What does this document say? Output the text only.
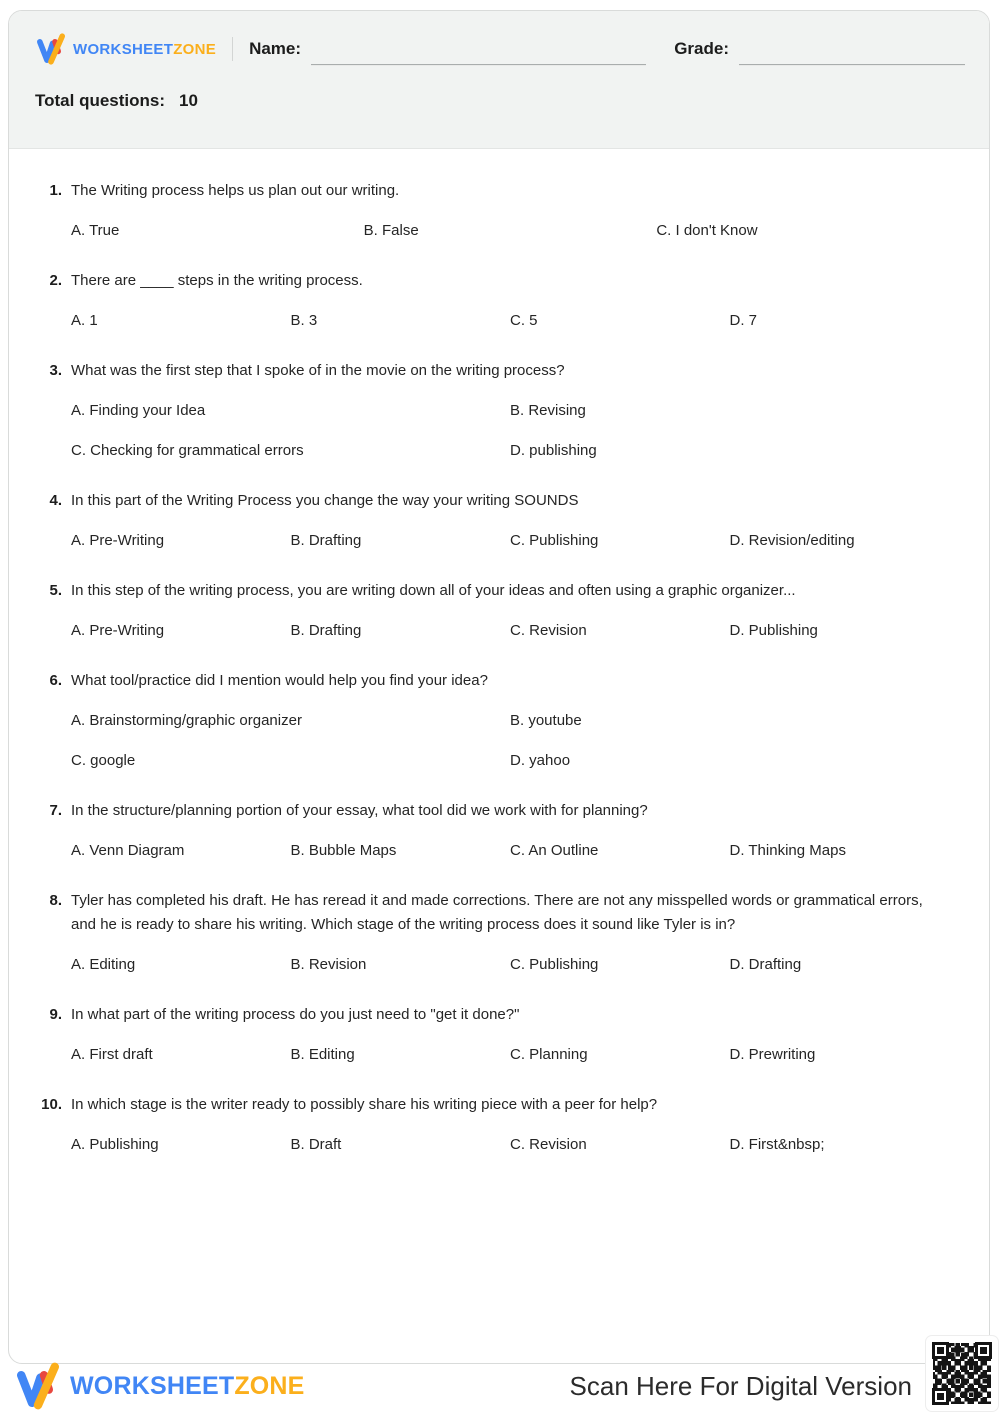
WORKSHEETZONE Name:	Grade:
Total questions: 10
1. The Writing process helps us plan out our writing.
A. True	B. False	C. I don't Know
2. There are ____ steps in the writing process.
A. 1	B. 3	C. 5	D. 7
3. What was the first step that I spoke of in the movie on the writing process?
A. Finding your Idea	B. Revising
C. Checking for grammatical errors	D. publishing
4. In this part of the Writing Process you change the way your writing SOUNDS
A. Pre-Writing	B. Drafting	C. Publishing	D. Revision/editing
5. In this step of the writing process, you are writing down all of your ideas and often using a graphic organizer...
A. Pre-Writing	B. Drafting	C. Revision	D. Publishing
6. What tool/practice did I mention would help you find your idea?
A. Brainstorming/graphic organizer	B. youtube
C. google	D. yahoo
7. In the structure/planning portion of your essay, what tool did we work with for planning?
A. Venn Diagram	B. Bubble Maps	C. An Outline	D. Thinking Maps
8. Tyler has completed his draft. He has reread it and made corrections. There are not any misspelled words or grammatical errors, and he is ready to share his writing. Which stage of the writing process does it sound like Tyler is in?
A. Editing	B. Revision	C. Publishing	D. Drafting
9. In what part of the writing process do you just need to "get it done?"
A. First draft	B. Editing	C. Planning	D. Prewriting
10. In which stage is the writer ready to possibly share his writing piece with a peer for help?
A. Publishing	B. Draft	C. Revision	D. First&nbsp;
WORKSHEETZONE	Scan Here For Digital Version
